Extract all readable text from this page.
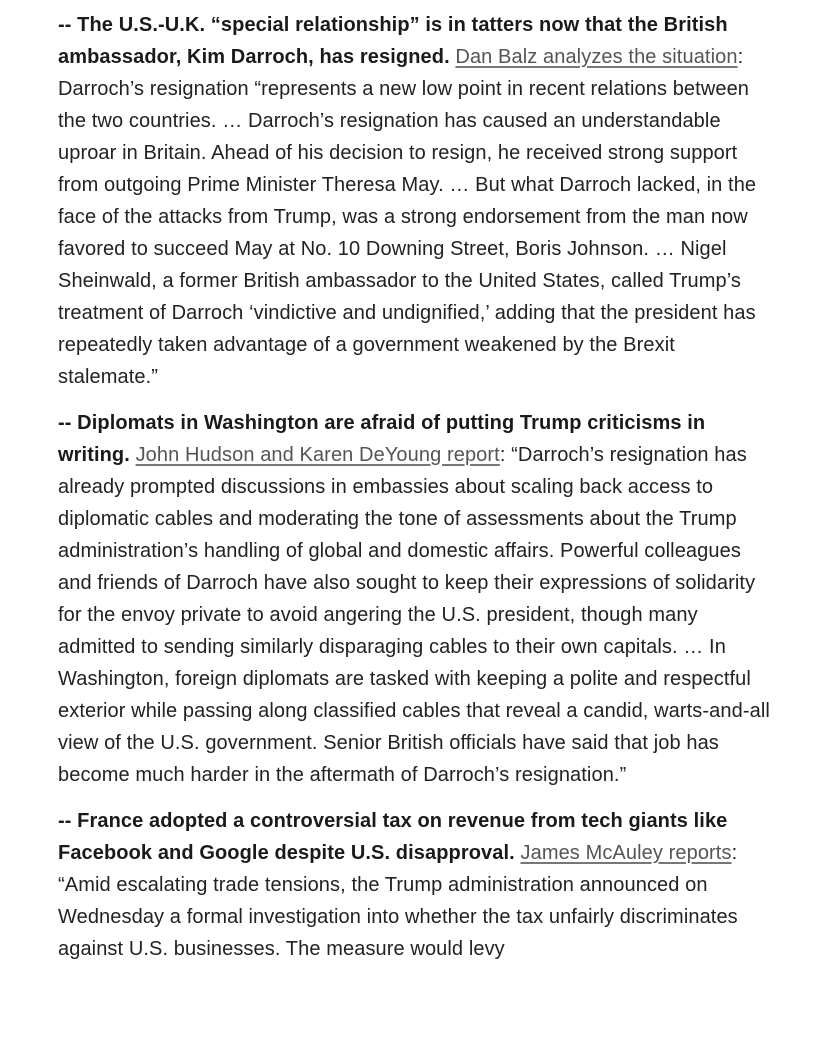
-- The U.S.-U.K. “special relationship” is in tatters now that the British ambassador, Kim Darroch, has resigned. Dan Balz analyzes the situation: Darroch’s resignation “represents a new low point in recent relations between the two countries. … Darroch’s resignation has caused an understandable uproar in Britain. Ahead of his decision to resign, he received strong support from outgoing Prime Minister Theresa May. … But what Darroch lacked, in the face of the attacks from Trump, was a strong endorsement from the man now favored to succeed May at No. 10 Downing Street, Boris Johnson. … Nigel Sheinwald, a former British ambassador to the United States, called Trump’s treatment of Darroch ‘vindictive and undignified,’ adding that the president has repeatedly taken advantage of a government weakened by the Brexit stalemate.”

-- Diplomats in Washington are afraid of putting Trump criticisms in writing. John Hudson and Karen DeYoung report: “Darroch’s resignation has already prompted discussions in embassies about scaling back access to diplomatic cables and moderating the tone of assessments about the Trump administration’s handling of global and domestic affairs. Powerful colleagues and friends of Darroch have also sought to keep their expressions of solidarity for the envoy private to avoid angering the U.S. president, though many admitted to sending similarly disparaging cables to their own capitals. … In Washington, foreign diplomats are tasked with keeping a polite and respectful exterior while passing along classified cables that reveal a candid, warts-and-all view of the U.S. government. Senior British officials have said that job has become much harder in the aftermath of Darroch’s resignation.”

-- France adopted a controversial tax on revenue from tech giants like Facebook and Google despite U.S. disapproval. James McAuley reports: “Amid escalating trade tensions, the Trump administration announced on Wednesday a formal investigation into whether the tax unfairly discriminates against U.S. businesses. The measure would levy
